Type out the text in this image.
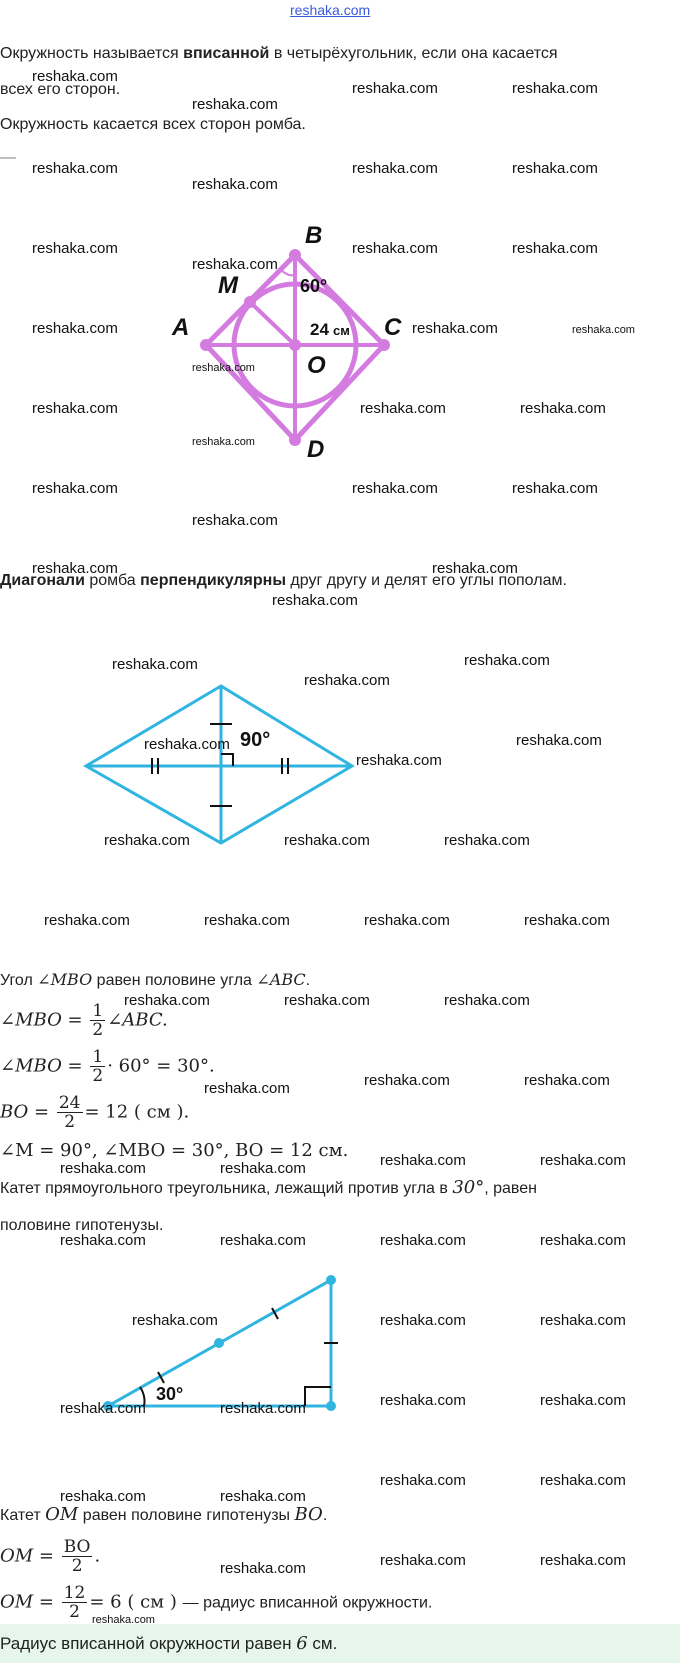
reshaka.com
Окружность называется вписанной в четырёхугольник, если она касается
всех его сторон.
Окружность касается всех сторон ромба.
—
B
M
A	C
O
D
60°
24 см
Диагонали ромба перпендикулярны друг другу и делят его углы пополам.
90°
Угол ∠MBO равен половине угла ∠ABC.
∠MBO = $\frac{1}{2}$ ∠ABC.
∠MBO = $\frac{1}{2} \cdot 60^\circ = 30^\circ$.
BO = $\frac{24}{2} = 12$ ( см ).
∠M = 90°, ∠MBO = 30°, BO = 12 см.
Катет прямоугольного треугольника, лежащий против угла в 30°, равен
половине гипотенузы.
30°
Катет OM равен половине гипотенузы BO.
OM = $\frac{BO}{2}$ .
OM = $\frac{12}{2} = 6$ ( см ) — радиус вписанной окружности.
Радиус вписанной окружности равен 6 см.
reshaka.com
reshaka.com	reshaka.com
reshaka.com
reshaka.com	reshaka.com	reshaka.com
reshaka.com
reshaka.com	reshaka.com	reshaka.com
reshaka.com
reshaka.com	reshaka.com	reshaka.com
reshaka.com
reshaka.com	reshaka.com	reshaka.com
reshaka.com
reshaka.com	reshaka.com	reshaka.com
reshaka.com
reshaka.com	reshaka.com
reshaka.com
reshaka.com	reshaka.com
reshaka.com
reshaka.com
reshaka.com
reshaka.com
reshaka.com	reshaka.com	reshaka.com
reshaka.com	reshaka.com	reshaka.com	reshaka.com
reshaka.com	reshaka.com	reshaka.com
reshaka.com	reshaka.com	reshaka.com
reshaka.com	reshaka.com
reshaka.com	reshaka.com
reshaka.com	reshaka.com	reshaka.com	reshaka.com
reshaka.com	reshaka.com	reshaka.com
reshaka.com	reshaka.com	reshaka.com	reshaka.com
reshaka.com	reshaka.com
reshaka.com	reshaka.com
reshaka.com	reshaka.com	reshaka.com
reshaka.com
